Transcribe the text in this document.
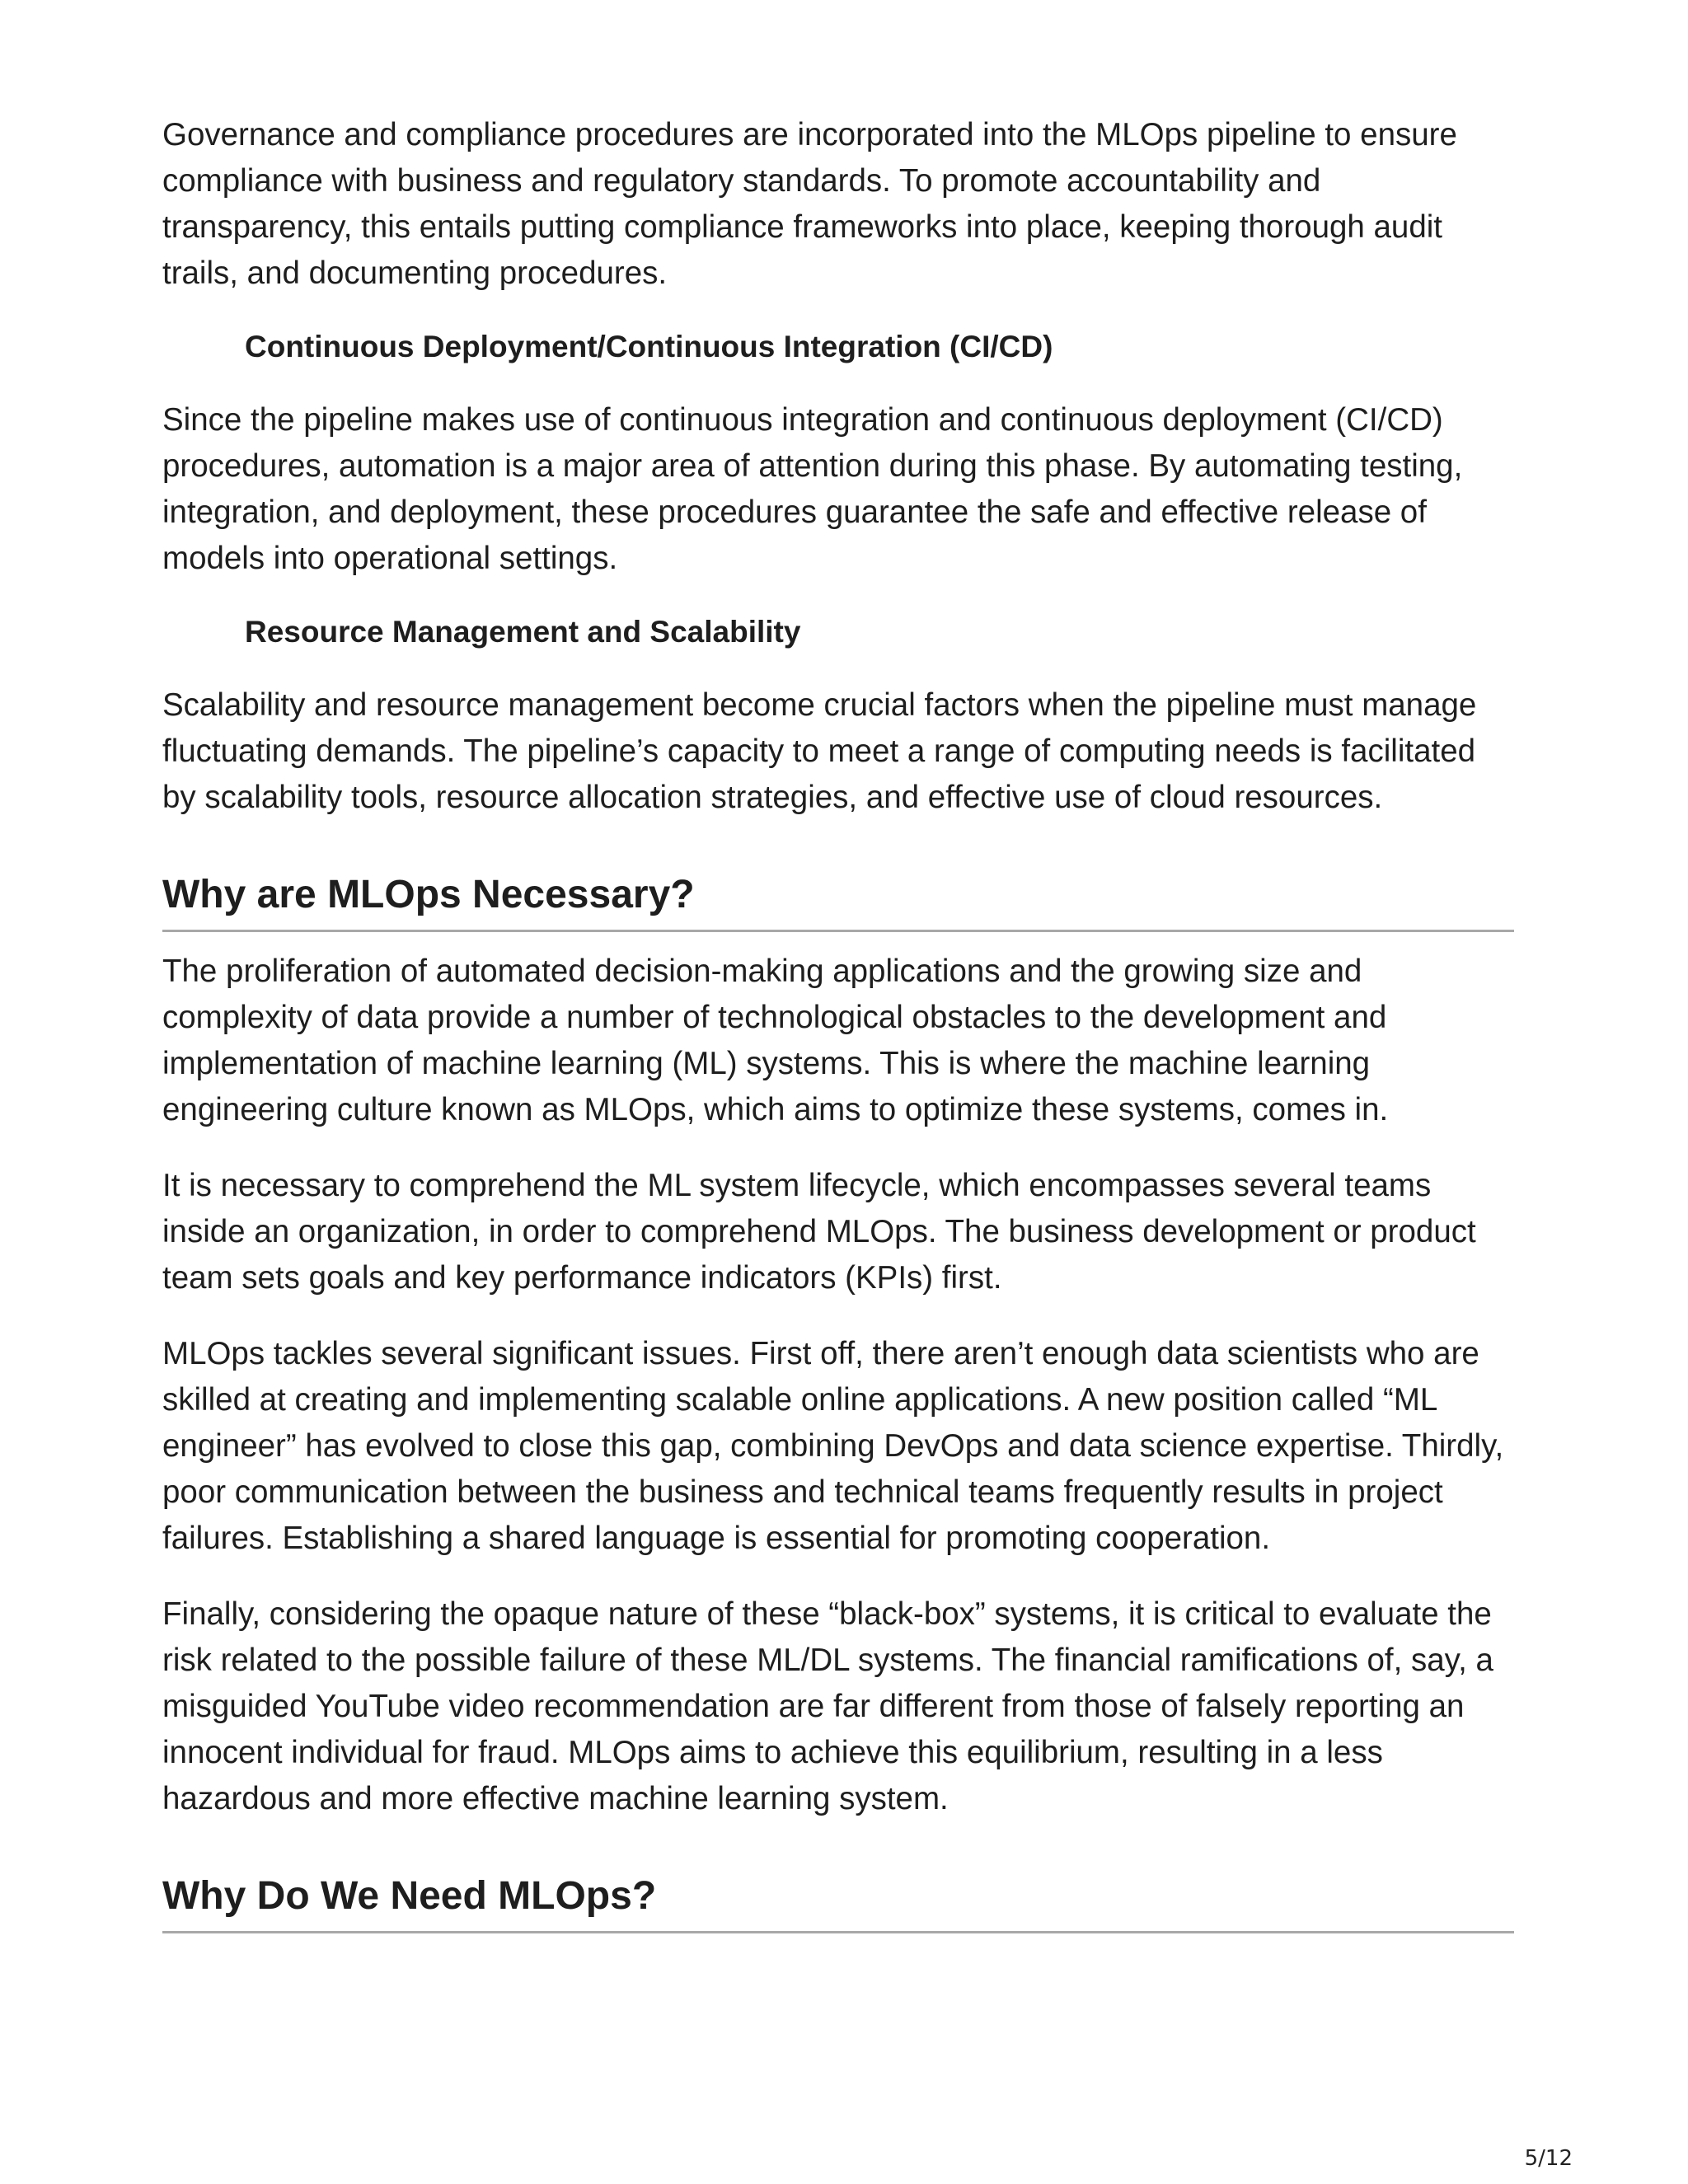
Governance and compliance procedures are incorporated into the MLOps pipeline to ensure compliance with business and regulatory standards. To promote accountability and transparency, this entails putting compliance frameworks into place, keeping thorough audit trails, and documenting procedures.

Continuous Deployment/Continuous Integration (CI/CD)

Since the pipeline makes use of continuous integration and continuous deployment (CI/CD) procedures, automation is a major area of attention during this phase. By automating testing, integration, and deployment, these procedures guarantee the safe and effective release of models into operational settings.

Resource Management and Scalability

Scalability and resource management become crucial factors when the pipeline must manage fluctuating demands. The pipeline’s capacity to meet a range of computing needs is facilitated by scalability tools, resource allocation strategies, and effective use of cloud resources.

Why are MLOps Necessary?

The proliferation of automated decision-making applications and the growing size and complexity of data provide a number of technological obstacles to the development and implementation of machine learning (ML) systems. This is where the machine learning engineering culture known as MLOps, which aims to optimize these systems, comes in.

It is necessary to comprehend the ML system lifecycle, which encompasses several teams inside an organization, in order to comprehend MLOps. The business development or product team sets goals and key performance indicators (KPIs) first.

MLOps tackles several significant issues. First off, there aren’t enough data scientists who are skilled at creating and implementing scalable online applications. A new position called “ML engineer” has evolved to close this gap, combining DevOps and data science expertise. Thirdly, poor communication between the business and technical teams frequently results in project failures. Establishing a shared language is essential for promoting cooperation.

Finally, considering the opaque nature of these “black-box” systems, it is critical to evaluate the risk related to the possible failure of these ML/DL systems. The financial ramifications of, say, a misguided YouTube video recommendation are far different from those of falsely reporting an innocent individual for fraud. MLOps aims to achieve this equilibrium, resulting in a less hazardous and more effective machine learning system.

Why Do We Need MLOps?
5/12
